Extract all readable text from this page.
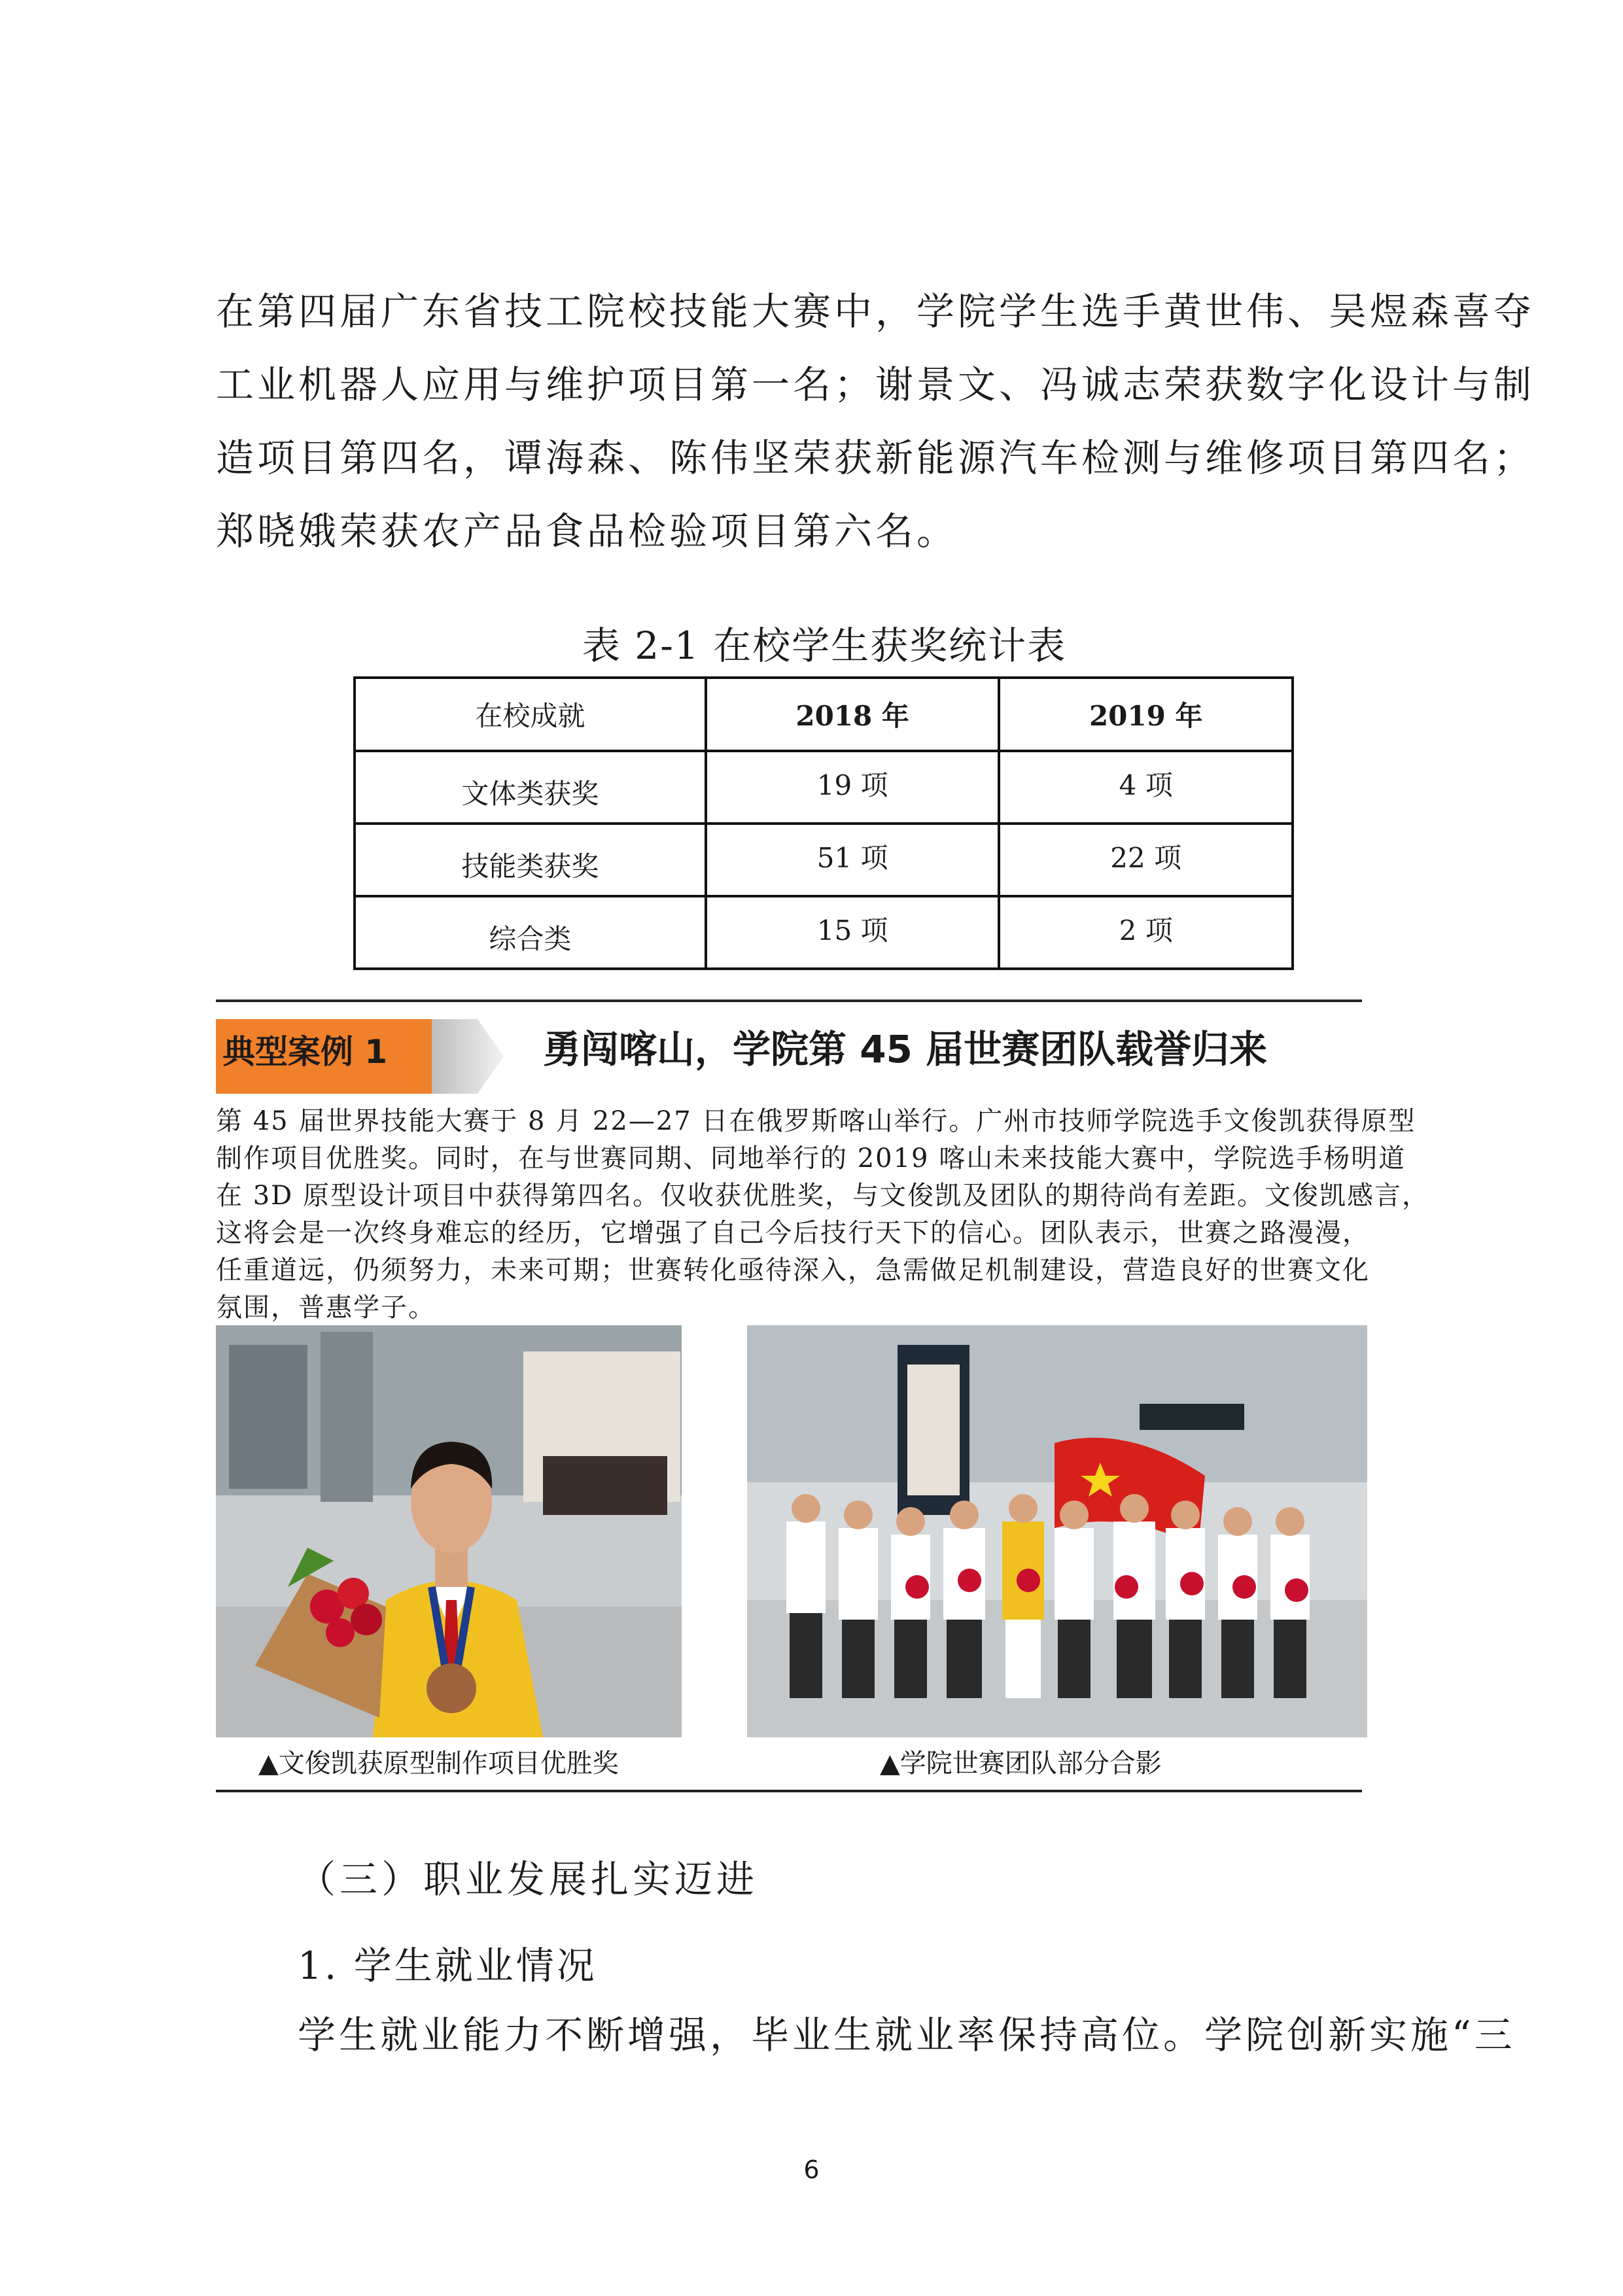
在第四届广东省技工院校技能大赛中，学院学生选手黄世伟、吴煜森喜夺

工业机器人应用与维护项目第一名；谢景文、冯诚志荣获数字化设计与制

造项目第四名，谭海森、陈伟坚荣获新能源汽车检测与维修项目第四名；

郑晓娥荣获农产品食品检验项目第六名。

表 2-1 在校学生获奖统计表
在校成就	2018 年	2019 年
文体类获奖	19 项	4 项
技能类获奖	51 项	22 项
综合类	15 项	2 项
典型案例 1	勇闯喀山，学院第 45 届世赛团队载誉归来

第 45 届世界技能大赛于 8 月 22—27 日在俄罗斯喀山举行。广州市技师学院选手文俊凯获得原型

制作项目优胜奖。同时，在与世赛同期、同地举行的 2019 喀山未来技能大赛中，学院选手杨明道

在 3D 原型设计项目中获得第四名。仅收获优胜奖，与文俊凯及团队的期待尚有差距。文俊凯感言，

这将会是一次终身难忘的经历，它增强了自己今后技行天下的信心。团队表示，世赛之路漫漫，

任重道远，仍须努力，未来可期；世赛转化亟待深入，急需做足机制建设，营造良好的世赛文化

氛围，普惠学子。

▲文俊凯获原型制作项目优胜奖	▲学院世赛团队部分合影
（三）职业发展扎实迈进
1. 学生就业情况
学生就业能力不断增强，毕业生就业率保持高位。学院创新实施“三
6
